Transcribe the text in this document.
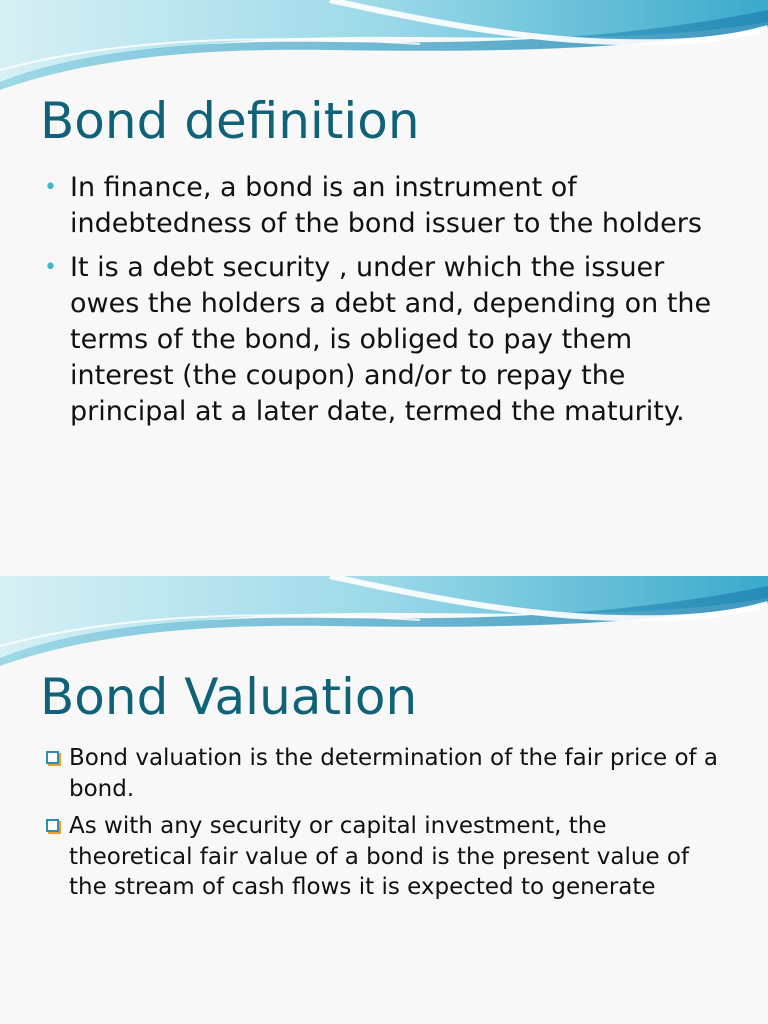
Bond definition
• In finance, a bond is an instrument of indebtedness of the bond issuer to the holders
• It is a debt security , under which the issuer owes the holders a debt and, depending on the terms of the bond, is obliged to pay them interest (the coupon) and/or to repay the principal at a later date, termed the maturity.
Bond Valuation
Bond valuation is the determination of the fair price of a bond.
As with any security or capital investment, the theoretical fair value of a bond is the present value of the stream of cash flows it is expected to generate
